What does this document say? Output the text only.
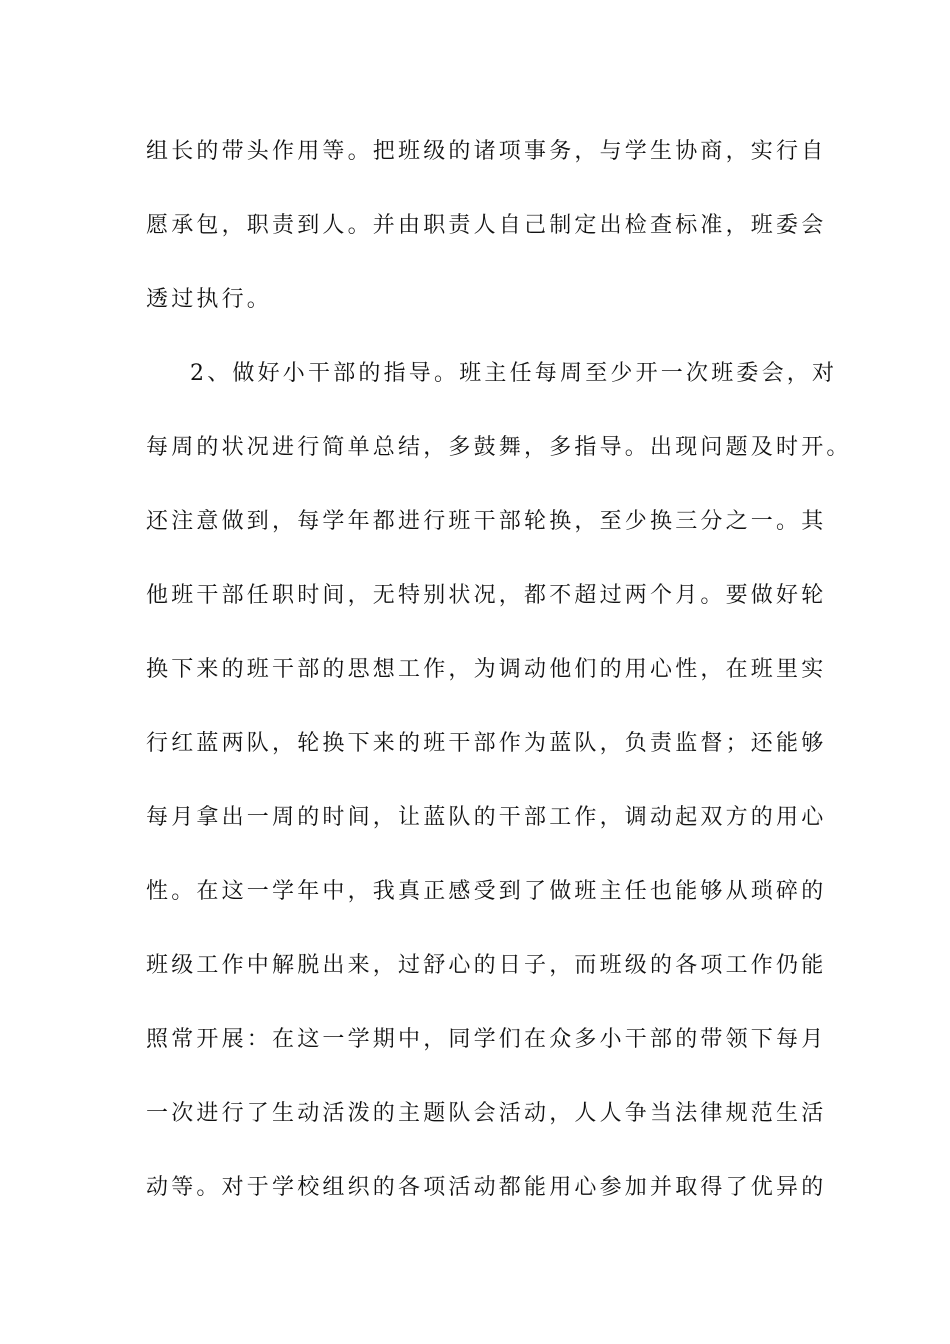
组长的带头作用等。把班级的诸项事务，与学生协商，实行自
愿承包，职责到人。并由职责人自己制定出检查标准，班委会
透过执行。
2、做好小干部的指导。班主任每周至少开一次班委会，对
每周的状况进行简单总结，多鼓舞，多指导。出现问题及时开。
还注意做到，每学年都进行班干部轮换，至少换三分之一。其
他班干部任职时间，无特别状况，都不超过两个月。要做好轮
换下来的班干部的思想工作，为调动他们的用心性，在班里实
行红蓝两队，轮换下来的班干部作为蓝队，负责监督；还能够
每月拿出一周的时间，让蓝队的干部工作，调动起双方的用心
性。在这一学年中，我真正感受到了做班主任也能够从琐碎的
班级工作中解脱出来，过舒心的日子，而班级的各项工作仍能
照常开展：在这一学期中，同学们在众多小干部的带领下每月
一次进行了生动活泼的主题队会活动，人人争当法律规范生活
动等。对于学校组织的各项活动都能用心参加并取得了优异的
